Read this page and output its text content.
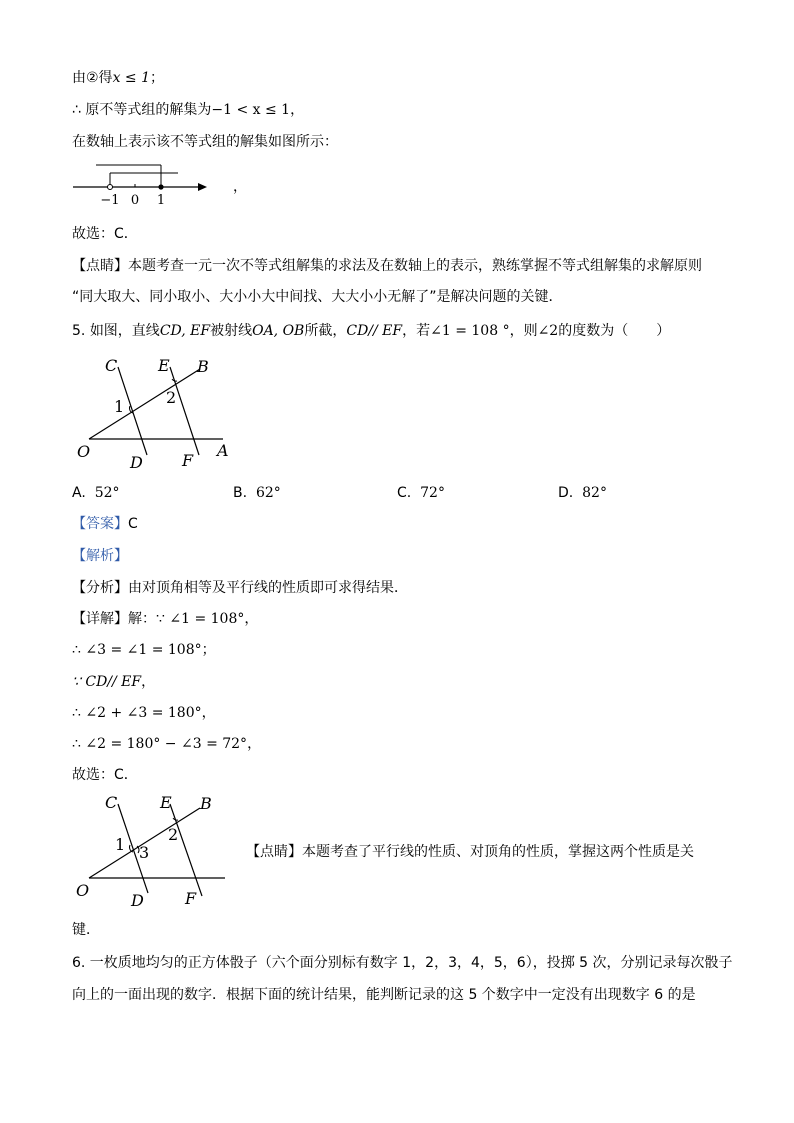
由②得x ≤ 1；
∴ 原不等式组的解集为−1 < x ≤ 1，
在数轴上表示该不等式组的解集如图所示：
−1 0 1
，
故选：C．
【点睛】本题考查一元一次不等式组解集的求法及在数轴上的表示，熟练掌握不等式组解集的求解原则
“同大取大、同小取小、大小小大中间找、大大小小无解了”是解决问题的关键．
5. 如图，直线CD, EF被射线OA, OB所截，CD// EF，若∠1 = 108 °，则∠2的度数为（　　）
C	E B
1	2
O
D F
A
A. 52°	B. 62°	C. 72°	D. 82°
【答案】C
【解析】
【分析】由对顶角相等及平行线的性质即可求得结果．
【详解】解：∵ ∠1 = 108°，
∴ ∠3 = ∠1 = 108°；
∵ CD// EF，
∴ ∠2 + ∠3 = 180°，
∴ ∠2 = 180° − ∠3 = 72°，
故选：C．
C	E B
1 3
2
O
D	F
【点睛】本题考查了平行线的性质、对顶角的性质，掌握这两个性质是关
键．
6. 一枚质地均匀的正方体骰子（六个面分别标有数字 1，2，3，4，5，6），投掷 5 次，分别记录每次骰子
向上的一面出现的数字．根据下面的统计结果，能判断记录的这 5 个数字中一定没有出现数字 6 的是
